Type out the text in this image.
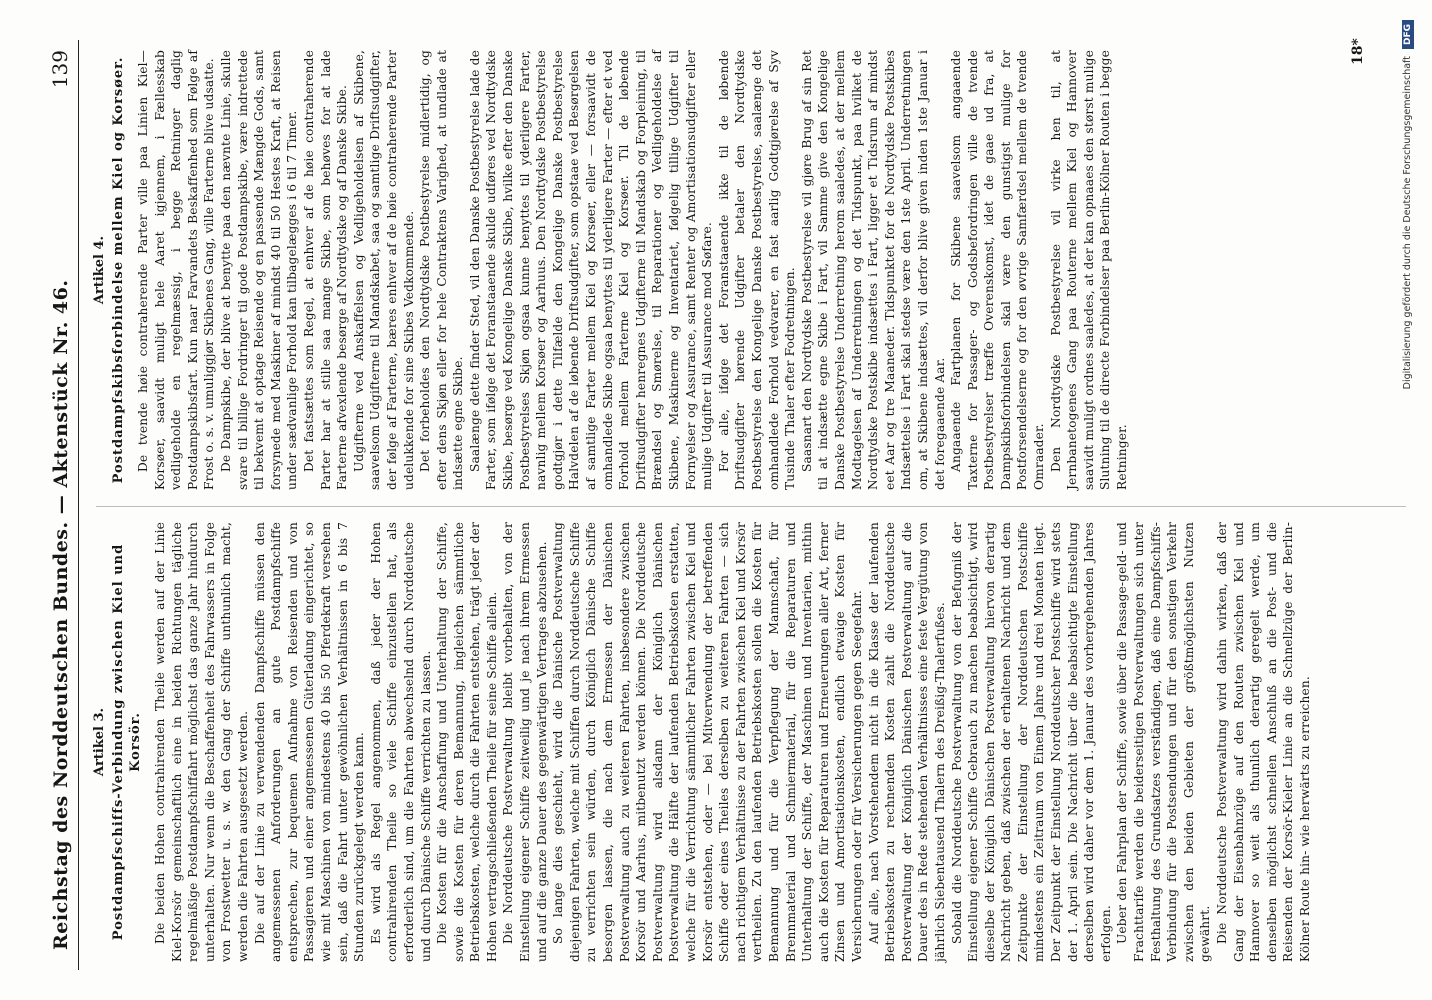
Reichstag des Norddeutschen Bundes. — Aktenstück Nr. 46.
139
Artikel 3. Postdampfschiffs-Verbindung zwischen Kiel und Korsör. Die beiden Hohen contrahirenden Theile werden auf der Linie Kiel-Korsör gemeinschaftlich eine in beiden Richtungen tägliche regelmäßige Postdampfschiffahrt möglichst das ganze Jahr hindurch unterhalten. Nur wenn die Beschaffenheit des Fahrwassers in Folge von Frostwetter u. s. w. den Gang der Schiffe unthunlich macht, werden die Fahrten ausgesetzt werden. Die auf der Linie zu verwendenden Dampfschiffe müssen den angemessenen Anforderungen an gute Postdampfschiffe entsprechen, zur bequemen Aufnahme von Reisenden und von Passagieren und einer angemessenen Güterladung eingerichtet, so wie mit Maschinen von mindestens 40 bis 50 Pferdekraft versehen sein, daß die Fahrt unter gewöhnlichen Verhältnissen in 6 bis 7 Stunden zurückgelegt werden kann. Es wird als Regel angenommen, daß jeder der Hohen contrahirenden Theile so viele Schiffe einzustellen hat, als erforderlich sind, um die Fahrten abwechselnd durch Norddeutsche und durch Dänische Schiffe verrichten zu lassen. Die Kosten für die Anschaffung und Unterhaltung der Schiffe, sowie die Kosten für deren Bemannung, ingleichen sämmtliche Betriebskosten, welche durch die Fahrten entstehen, trägt jeder der Hohen vertragschließenden Theile für seine Schiffe allein. Die Norddeutsche Postverwaltung bleibt vorbehalten, von der Einstellung eigener Schiffe zeitweilig und je nach ihrem Ermessen und auf die ganze Dauer des gegenwärtigen Vertrages abzusehen. So lange dies geschieht, wird die Dänische Postverwaltung diejenigen Fahrten, welche mit Schiffen durch Norddeutsche Schiffe zu verrichten sein würden, durch Königlich Dänische Schiffe besorgen lassen, die nach dem Ermessen der Dänischen Postverwaltung auch zu weiteren Fahrten, insbesondere zwischen Korsör und Aarhus, mitbenutzt werden können. Die Norddeutsche Postverwaltung wird alsdann der Königlich Dänischen Postverwaltung die Hälfte der laufenden Betriebskosten erstatten, welche für die Verrichtung sämmtlicher Fahrten zwischen Kiel und Korsör entstehen, oder — bei Mitverwendung der betreffenden Schiffe oder eines Theiles derselben zu weiteren Fahrten — sich nach richtigem Verhältnisse zu der Fahrten zwischen Kiel und Korsör vertheilen. Zu den laufenden Betriebskosten sollen die Kosten für Bemannung und für die Verpflegung der Mannschaft, für Brennmaterial und Schmiermaterial, für die Reparaturen und Unterhaltung der Schiffe, der Maschinen und Inventarien, mithin auch die Kosten für Reparaturen und Erneuerungen aller Art, ferner Zinsen und Amortisationskosten, endlich etwaige Kosten für Versicherungen oder für Versicherungen gegen Seegefahr. Auf alle, nach Vorstehendem nicht in die Klasse der laufenden Betriebskosten zu rechnenden Kosten zahlt die Norddeutsche Postverwaltung der Königlich Dänischen Postverwaltung auf die Dauer des in Rede stehenden Verhältnisses eine feste Vergütung von jährlich Siebentausend Thalern des Dreißig-Thalerfußes. Sobald die Norddeutsche Postverwaltung von der Befugniß der Einstellung eigener Schiffe Gebrauch zu machen beabsichtigt, wird dieselbe der Königlich Dänischen Postverwaltung hiervon derartig Nachricht geben, daß zwischen der erhaltenen Nachricht und dem Zeitpunkte der Einstellung der Norddeutschen Postschiffe mindestens ein Zeitraum von Einem Jahre und drei Monaten liegt. Der Zeitpunkt der Einstellung Norddeutscher Postschiffe wird stets der 1. April sein. Die Nachricht über die beabsichtigte Einstellung derselben wird daher vor dem 1. Januar des vorhergehenden Jahres erfolgen. Ueber den Fahrplan der Schiffe, sowie über die Passage-geld- und Frachttarife werden die beiderseitigen Postverwaltungen sich unter Festhaltung des Grundsatzes verständigen, daß eine Dampfschiffs-Verbindung für die Postsendungen und für den sonstigen Verkehr zwischen den beiden Gebieten der größtmöglichsten Nutzen gewährt. Die Norddeutsche Postverwaltung wird dahin wirken, daß der Gang der Eisenbahnzüge auf den Routen zwischen Kiel und Hannover so weit als thunlich derartig geregelt werde, um denselben möglichst schnellen Anschluß an die Post- und die Reisenden der Korsör-Kieler Linie an die Schnellzüge der Berlin-Kölner Route hin- wie herwärts zu erreichen.

Artikel 4. Postdampfskibsforbindelse mellem Kiel og Korsøer. De tvende høie contraherende Parter ville paa Linien Kiel—Korsøer, saavidt muligt hele Aaret igjennem, i Fællesskab vedligeholde en regelmæssig, i begge Retninger daglig Postdampskibsfart. Kun naar Farvandets Beskaffenhed som Følge af Frost o. s. v. umuliggjør Skibenes Gang, ville Farterne blive udsatte. De Dampskibe, der blive at benytte paa den nævnte Linie, skulle svare til billige Fordringer til gode Postdampskibe, være indrettede til bekvemt at optage Reisende og en passende Mængde Gods, samt forsynede med Maskiner af mindst 40 til 50 Hestes Kraft, at Reisen under sædvanlige Forhold kan tilbagelægges i 6 til 7 Timer. Det fastsættes som Regel, at enhver af de høie contraherende Parter har at stille saa mange Skibe, som behøves for at lade Farterne afvexlende besørge af Nordtydske og af Danske Skibe. Udgifterne ved Anskaffelsen og Vedligeholdelsen af Skibene, saavelsom Udgifterne til Mandskabet, saa og samtlige Driftsudgifter, der følge af Farterne, bæres enhver af de høie contraherende Parter udelukkende for sine Skibes Vedkommende. Det forbeholdes den Nordtydske Postbestyrelse midlertidig, og efter dens Skjøn eller for hele Contraktens Varighed, at undlade at indsætte egne Skibe. Saalænge dette finder Sted, vil den Danske Postbestyrelse lade de Farter, som ifølge det Foranstaaende skulde udføres ved Nordtydske Skibe, besørge ved Kongelige Danske Skibe, hvilke efter den Danske Postbestyrelses Skjøn ogsaa kunne benyttes til yderligere Farter, navnlig mellem Korsøer og Aarhuus. Den Nordtydske Postbestyrelse godtgjør i dette Tilfælde den Kongelige Danske Postbestyrelse Halvdelen af de løbende Driftsudgifter, som opstaae ved Besørgelsen af samtlige Farter mellem Kiel og Korsøer, eller — forsaavidt de omhandlede Skibe ogsaa benyttes til yderligere Farter — efter et ved Forhold mellem Farterne Kiel og Korsøer. Til de løbende Driftsudgifter henregnes Udgifterne til Mandskab og Forpleining, til Brændsel og Smørelse, til Reparationer og Vedligeholdelse af Skibene, Maskinerne og Inventariet, følgelig tillige Udgifter til Fornyelser og Assurance, samt Renter og Amortisationsudgifter eller mulige Udgifter til Assurance mod Søfare. For alle, ifølge det Foranstaaende ikke til de løbende Driftsudgifter hørende Udgifter betaler den Nordtydske Postbestyrelse den Kongelige Danske Postbestyrelse, saalænge det omhandlede Forhold vedvarer, en fast aarlig Godtgjørelse af Syv Tusinde Thaler efter Fodretningen. Saasnart den Nordtydske Postbestyrelse vil gjøre Brug af sin Ret til at indsætte egne Skibe i Fart, vil Samme give den Kongelige Danske Postbestyrelse Underretning herom saaledes, at der mellem Modtagelsen af Underretningen og det Tidspunkt, paa hvilket de Nordtydske Postskibe indsættes i Fart, ligger et Tidsrum af mindst eet Aar og tre Maaneder. Tidspunktet for de Nordtydske Postskibes Indsættelse i Fart skal stedse være den 1ste April. Underretningen om, at Skibene indsættes, vil derfor blive given inden 1ste Januar i det foregaaende Aar. Angaaende Fartplanen for Skibene saavelsom angaaende Taxterne for Passager- og Godsbefordringen ville de tvende Postbestyrelser træffe Overenskomst, idet de gaae ud fra, at Dampskibsforbindelsen skal være den gunstigst mulige for Postforsendelserne og for den øvrige Samfærdsel mellem de tvende Omraader. Den Nordtydske Postbestyrelse vil virke hen til, at Jernbanetogenes Gang paa Routerne mellem Kiel og Hannover saavidt muligt ordnes saaledes, at der kan opnaaes den størst mulige Slutning til de directe Forbindelser paa Berlin-Kölner Routen i begge Retninger.

18*
Digitalisierung gefördert durch die Deutsche Forschungsgemeinschaft DFG
